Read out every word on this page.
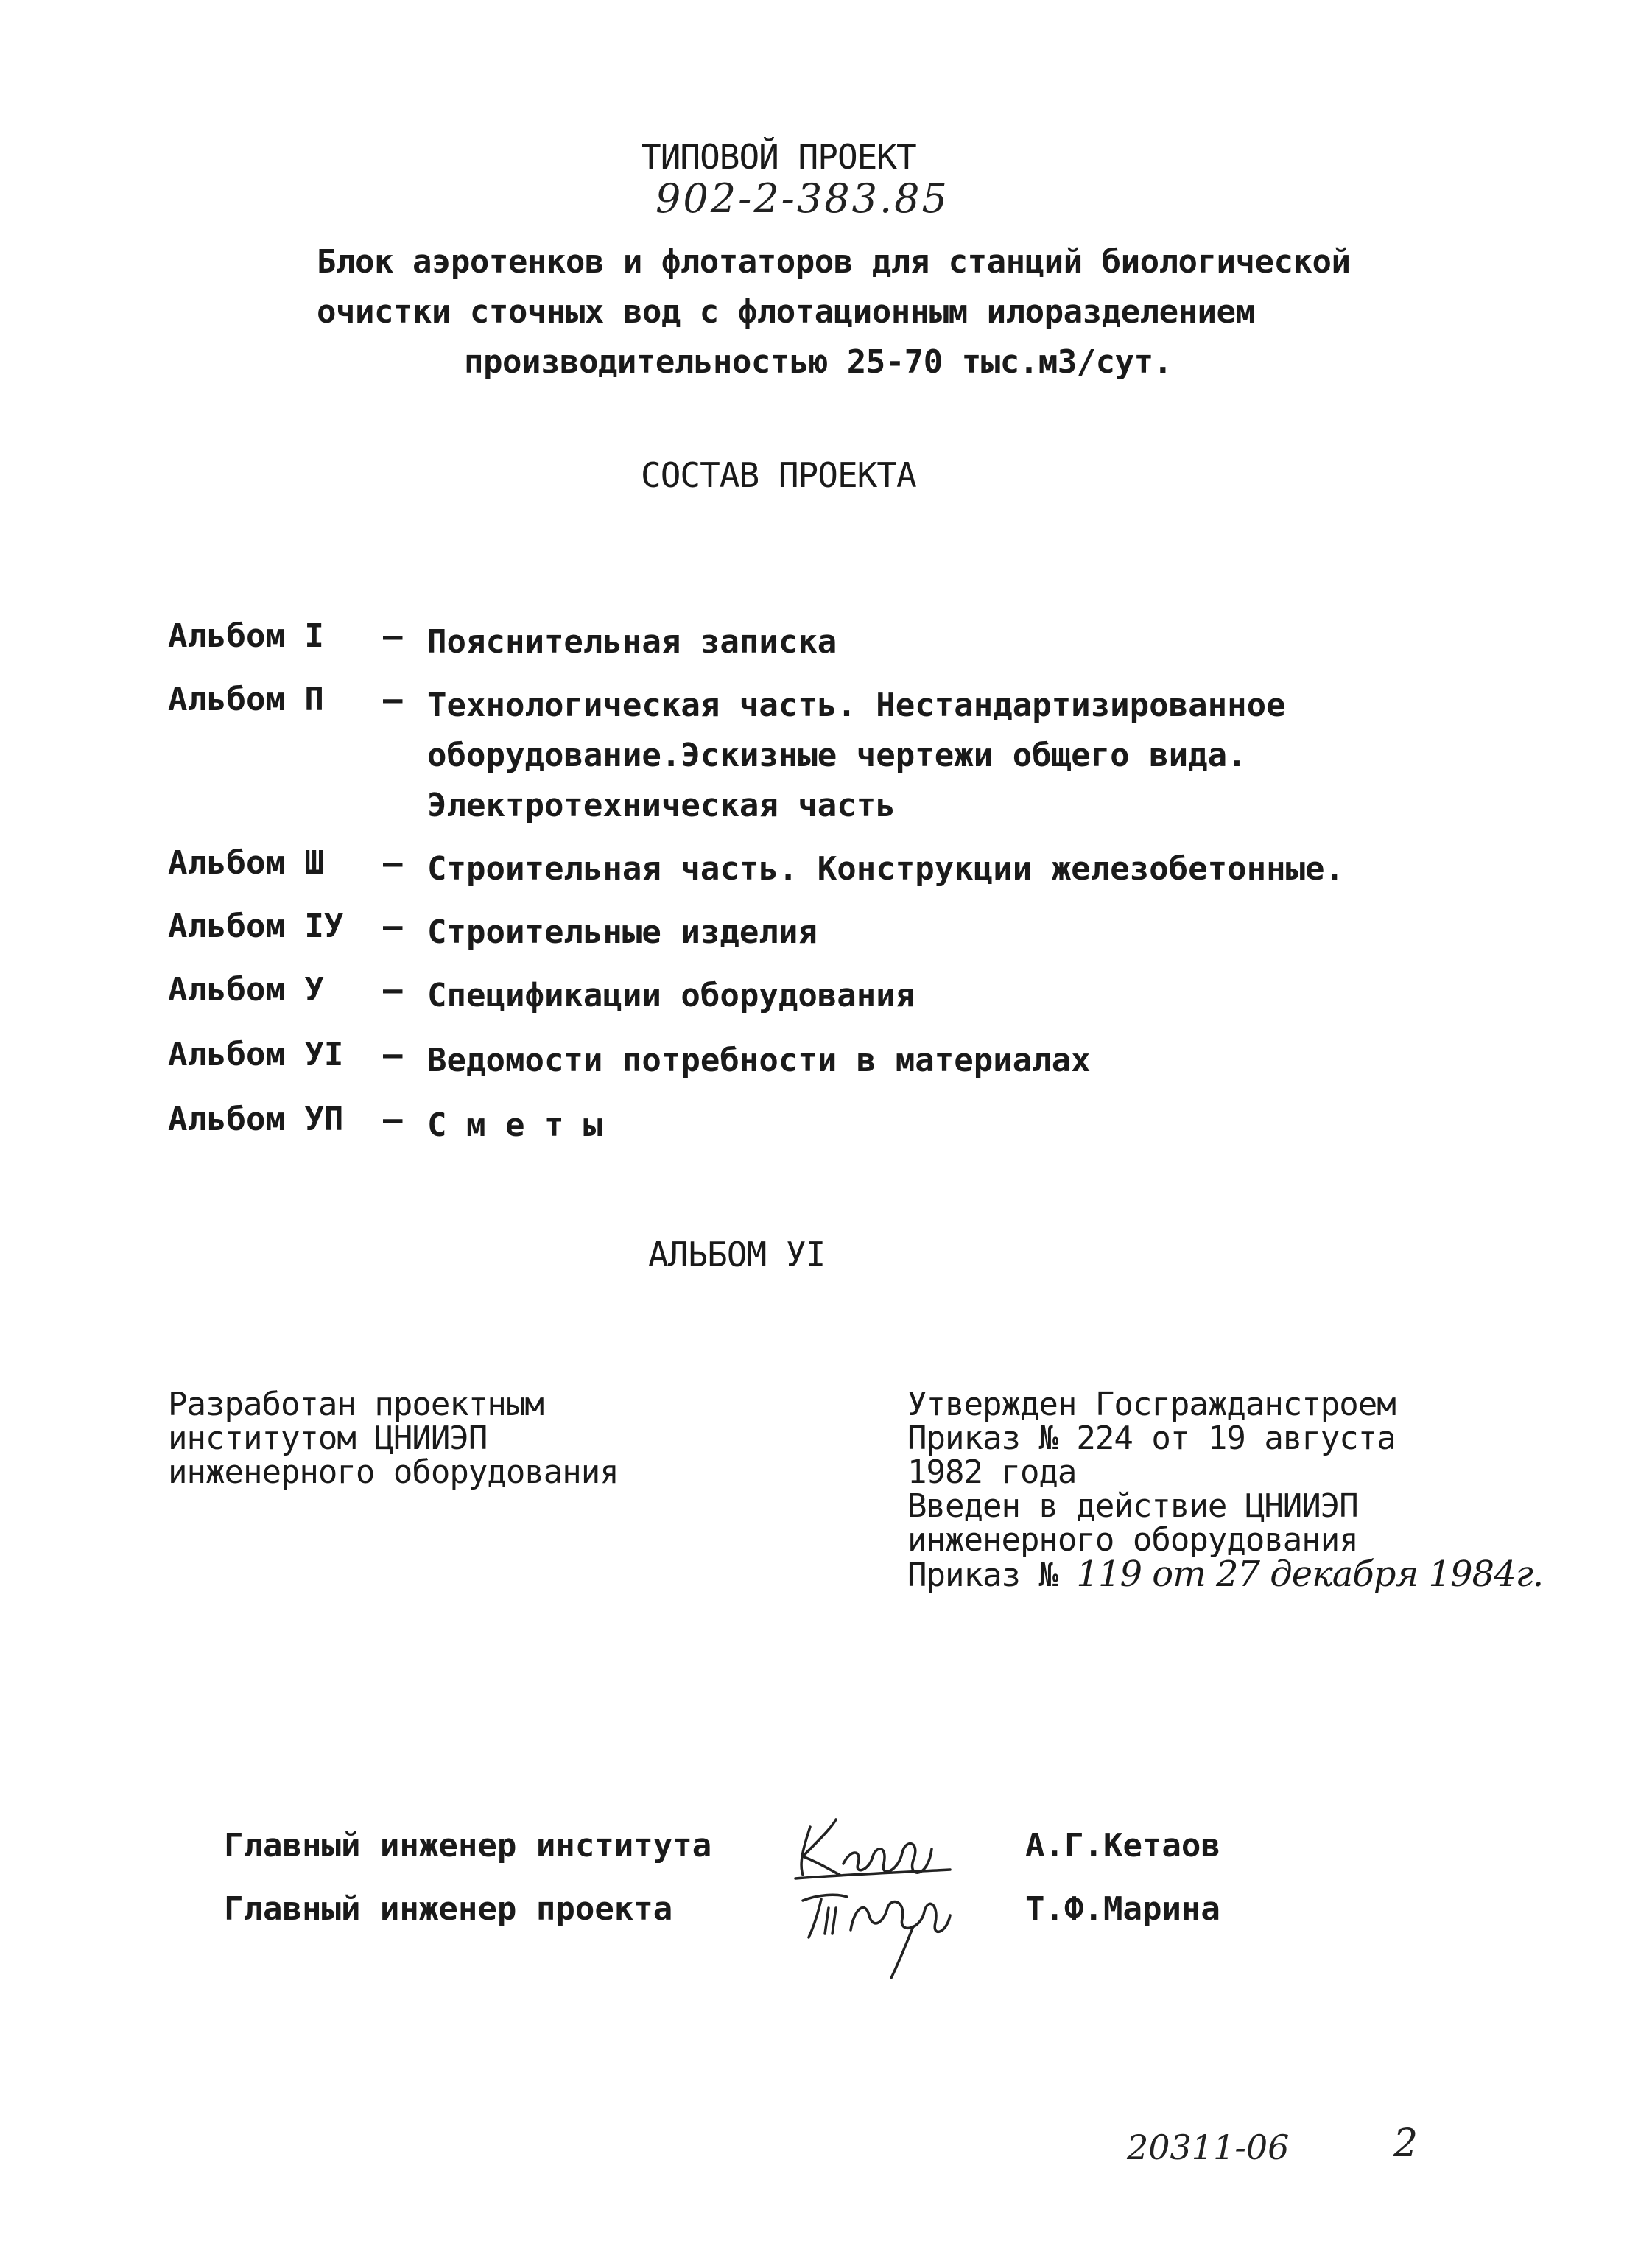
ТИПОВОЙ ПРОЕКТ
902-2-383.85
Блок аэротенков и флотаторов для станций биологической
очистки сточных вод с флотационным илоразделением
производительностью 25-70 тыс.м3/сут.
СОСТАВ ПРОЕКТА
Альбом I – Пояснительная записка
Альбом П – Технологическая часть. Нестандартизированное
оборудование.Эскизные чертежи общего вида.
Электротехническая часть
Альбом Ш – Строительная часть. Конструкции железобетонные.
Альбом IУ – Строительные изделия
Альбом У – Спецификации оборудования
Альбом УI – Ведомости потребности в материалах
Альбом УП – С м е т ы
АЛЬБОМ УI
Разработан проектным
институтом ЦНИИЭП
инженерного оборудования
Утвержден Госгражданстроем
Приказ № 224 от 19 августа
1982 года
Введен в действие ЦНИИЭП
инженерного оборудования
Приказ № 119 от 27 декабря 1984г.
Главный инженер института	А.Г.Кетаов
Главный инженер проекта	Т.Ф.Марина
20311-06	2
